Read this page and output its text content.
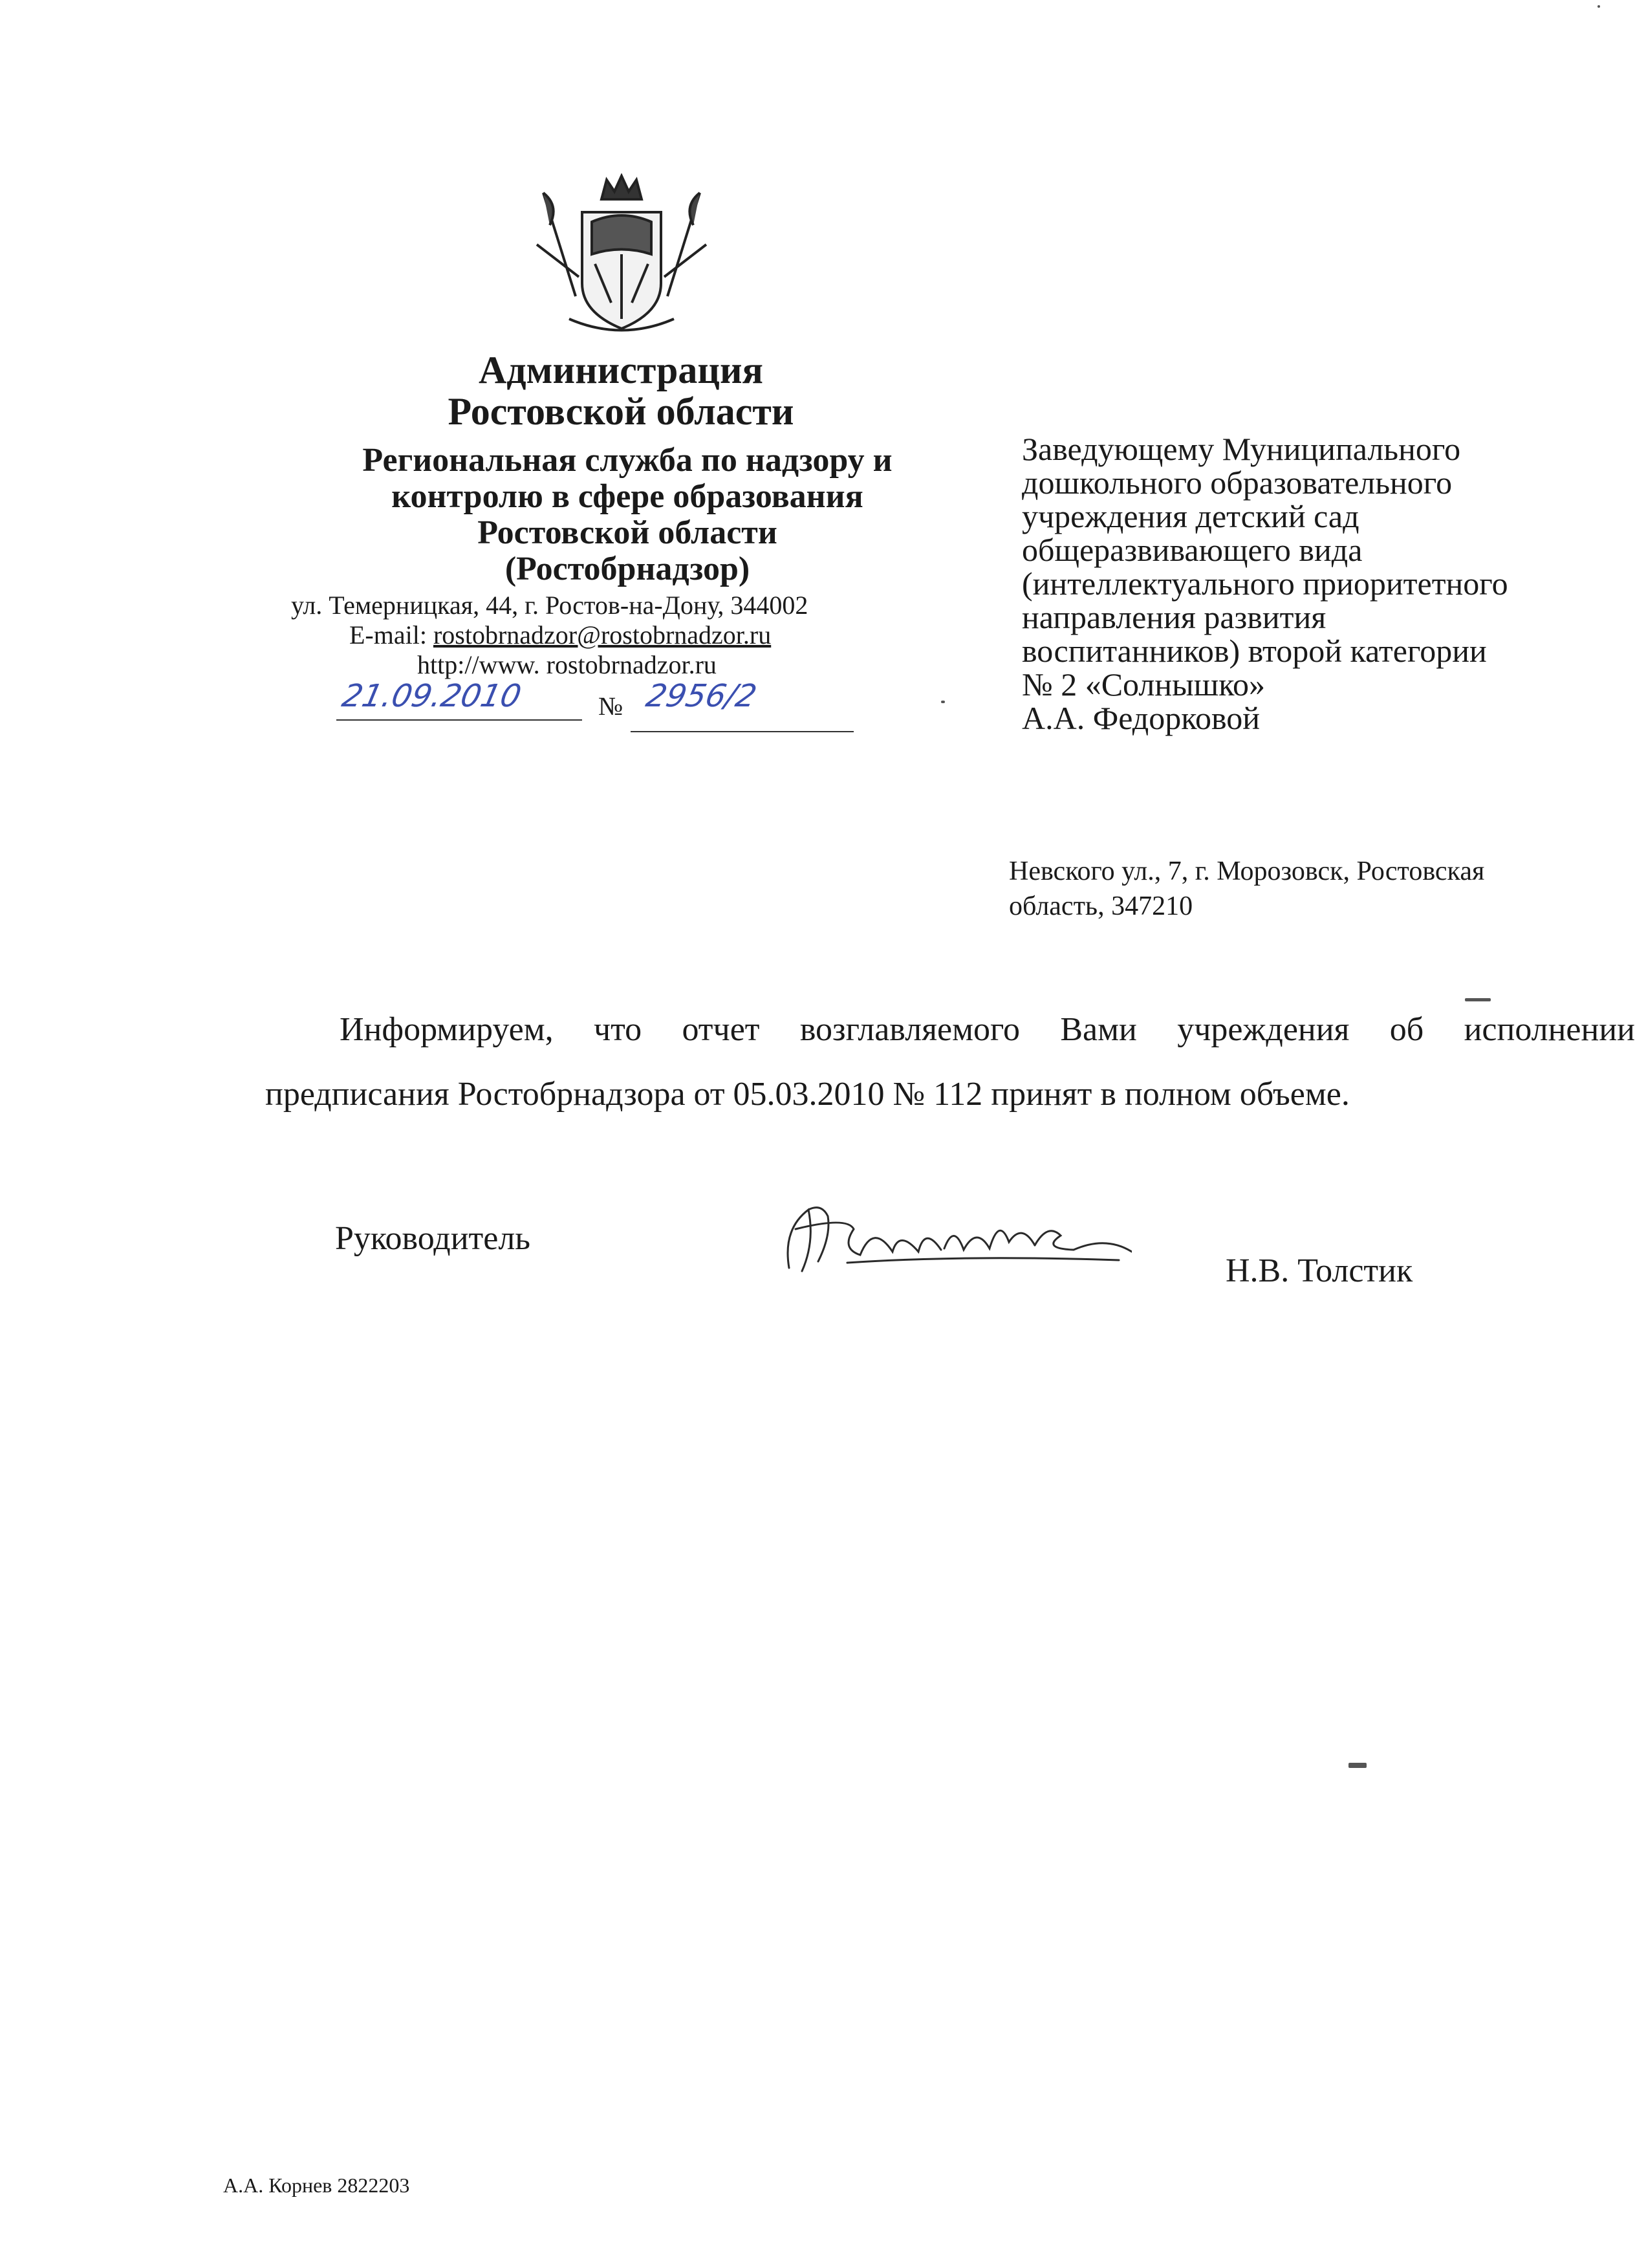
Администрация
Ростовской области
Региональная служба по надзору и
контролю в сфере образования
Ростовской области
(Ростобрнадзор)
ул. Темерницкая, 44, г. Ростов-на-Дону, 344002
E-mail: rostobrnadzor@rostobrnadzor.ru
http://www. rostobrnadzor.ru
21.09.2010	№ 2956/2
Заведующему Муниципального
дошкольного образовательного
учреждения детский сад
общеразвивающего вида
(интеллектуального приоритетного
направления развития
воспитанников) второй категории
№ 2 «Солнышко»
А.А. Федорковой
Невского ул., 7, г. Морозовск, Ростовская
область, 347210
Информируем, что отчет возглавляемого Вами учреждения об исполнении
предписания Ростобрнадзора от 05.03.2010 № 112 принят в полном объеме.
Руководитель
Н.В. Толстик
А.А. Корнев 2822203
